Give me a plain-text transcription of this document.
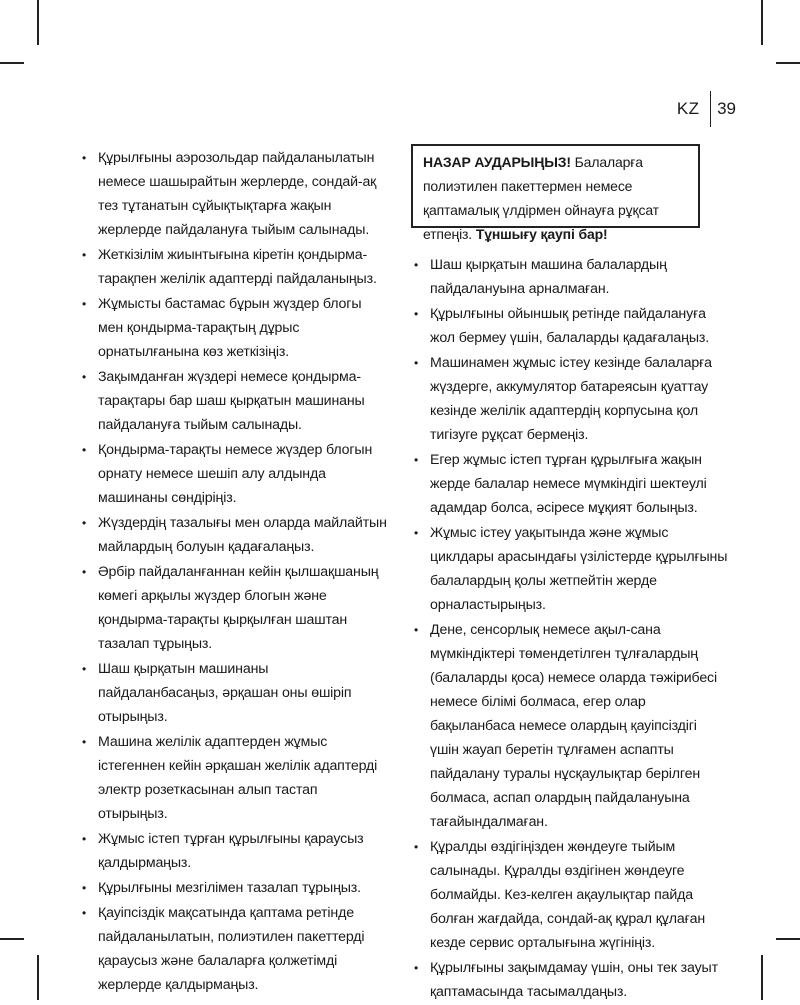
KZ	39
• Құрылғыны аэрозольдар пайдаланылатын немесе шашырайтын жерлерде, сондай-ақ тез тұтанатын сұйықтықтарға жақын жерлерде пайдалануға тыйым салынады.
• Жеткізілім жиынтығына кіретін қондырма-тарақпен желілік адаптерді пайдаланыңыз.
• Жұмысты бастамас бұрын жүздер блогы мен қондырма-тарақтың дұрыс орнатылғанына көз жеткізіңіз.
• Зақымданған жүздері немесе қондырма-тарақтары бар шаш қырқатын машинаны пайдалануға тыйым салынады.
• Қондырма-тарақты немесе жүздер блогын орнату немесе шешіп алу алдында машинаны сөндіріңіз.
• Жүздердің тазалығы мен оларда майлайтын майлардың болуын қадағалаңыз.
• Әрбір пайдаланғаннан кейін қылшақшаның көмегі арқылы жүздер блогын және қондырма-тарақты қырқылған шаштан тазалап тұрыңыз.
• Шаш қырқатын машинаны пайдаланбасаңыз, әрқашан оны өшіріп отырыңыз.
• Машина желілік адаптерден жұмыс істегеннен кейін әрқашан желілік адаптерді электр розеткасынан алып тастап отырыңыз.
• Жұмыс істеп тұрған құрылғыны қараусыз қалдырмаңыз.
• Құрылғыны мезгілімен тазалап тұрыңыз.
• Қауіпсіздік мақсатында қаптама ретінде пайдаланылатын, полиэтилен пакеттерді қараусыз және балаларға қолжетімді жерлерде қалдырмаңыз.
НАЗАР АУДАРЫҢЫЗ! Балаларға полиэтилен пакеттермен немесе қаптамалық үлдірмен ойнауға рұқсат етпеңіз. Тұншығу қаупі бар!
• Шаш қырқатын машина балалардың пайдалануына арналмаған.
• Құрылғыны ойыншық ретінде пайдалануға жол бермеу үшін, балаларды қадағалаңыз.
• Машинамен жұмыс істеу кезінде балаларға жүздерге, аккумулятор батареясын қуаттау кезінде желілік адаптердің корпусына қол тигізуге рұқсат бермеңіз.
• Егер жұмыс істеп тұрған құрылғыға жақын жерде балалар немесе мүмкіндігі шектеулі адамдар болса, әсіресе мұқият болыңыз.
• Жұмыс істеу уақытында және жұмыс циклдары арасындағы үзілістерде құрылғыны балалардың қолы жетпейтін жерде орналастырыңыз.
• Дене, сенсорлық немесе ақыл-сана мүмкіндіктері төмендетілген тұлғалардың (балаларды қоса) немесе оларда тәжірибесі немесе білімі болмаса, егер олар бақыланбаса немесе олардың қауіпсіздігі үшін жауап беретін тұлғамен аспапты пайдалану туралы нұсқаулықтар берілген болмаса, аспап олардың пайдалануына тағайындалмаған.
• Құралды өздігіңізден жөндеуге тыйым салынады. Құралды өздігінен жөндеуге болмайды. Кез-келген ақаулықтар пайда болған жағдайда, сондай-ақ құрал құлаған кезде сервис орталығына жүгініңіз.
• Құрылғыны зақымдамау үшін, оны тек зауыт қаптамасында тасымалдаңыз.
